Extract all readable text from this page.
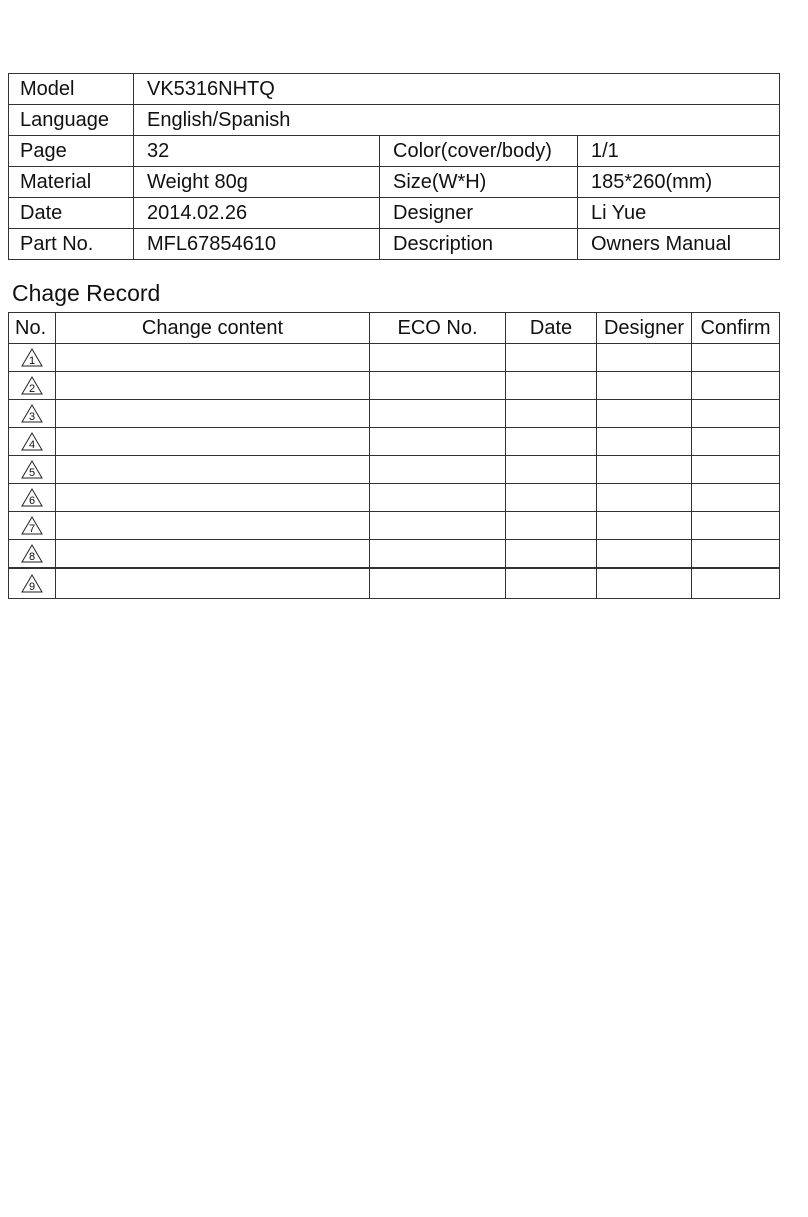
Model	VK5316NHTQ		
Language	English/Spanish		
Page	32	Color(cover/body)	1/1
Material	Weight 80g	Size(W*H)	185*260(mm)
Date	2014.02.26	Designer	Li Yue
Part No.	MFL67854610	Description	Owners Manual
Chage Record
No.	Change content	ECO No.	Date	Designer	Confirm

1					

2					

3					

4					

5					

6					

7					

8					

9					
